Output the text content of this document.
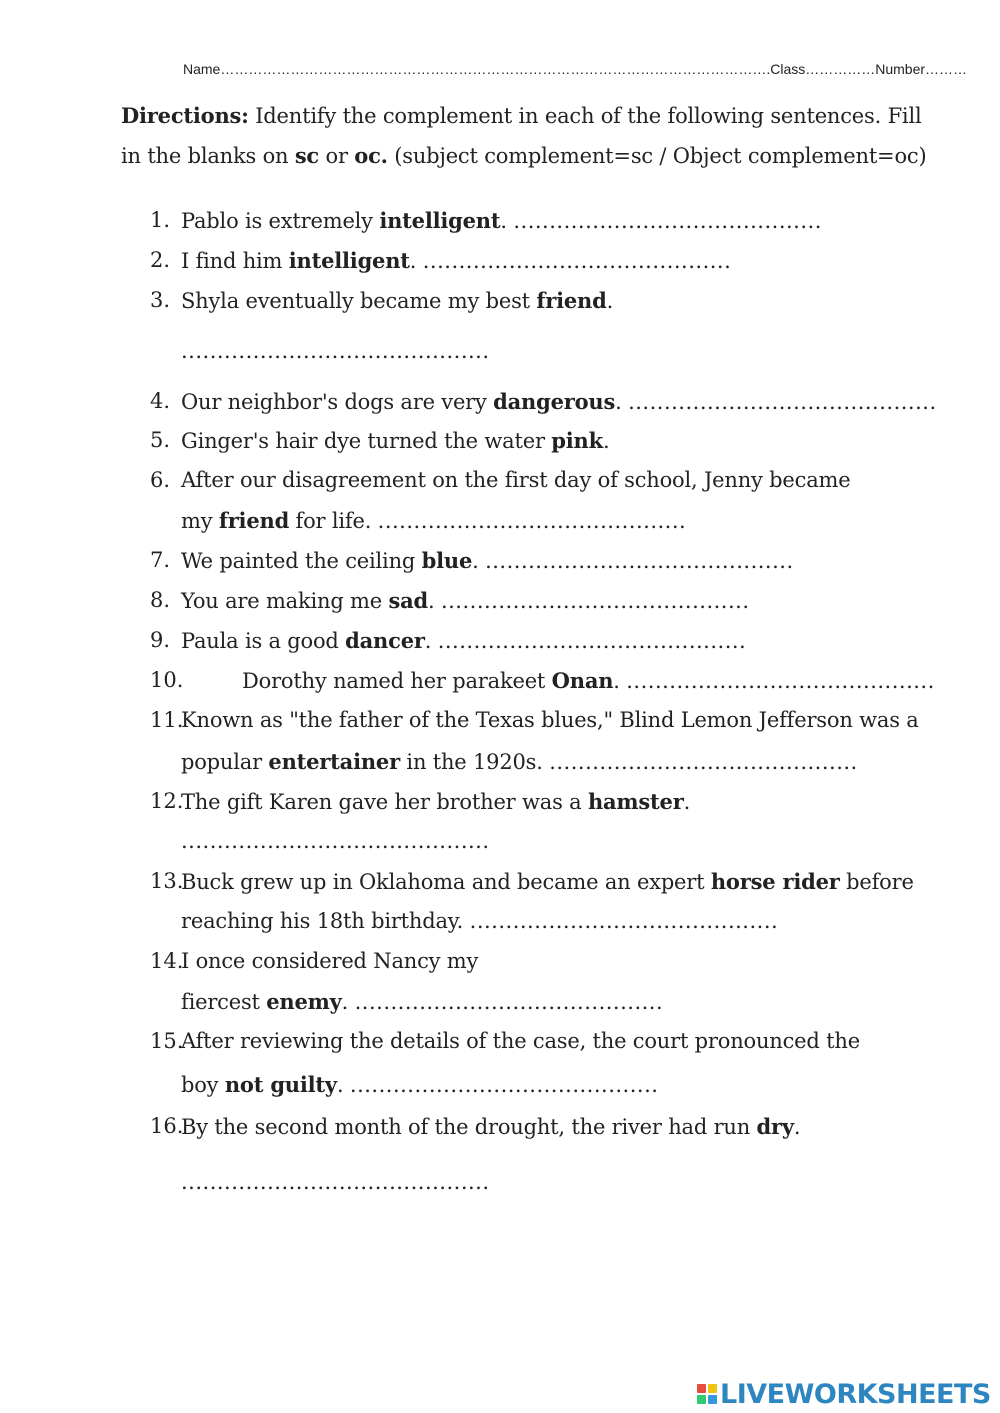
Name……………………………………………………………………………………………………….Class……………Number………
Directions: Identify the complement in each of the following sentences. Fill
in the blanks on sc or oc. (subject complement=sc / Object complement=oc)
1. Pablo is extremely intelligent. ...........................................
2. I find him intelligent. ...........................................
3. Shyla eventually became my best friend.
...........................................
4. Our neighbor's dogs are very dangerous. ...........................................
5. Ginger's hair dye turned the water pink.
6. After our disagreement on the first day of school, Jenny became
my friend for life. ...........................................
7. We painted the ceiling blue. ...........................................
8. You are making me sad. ...........................................
9. Paula is a good dancer. ...........................................
10.	Dorothy named her parakeet Onan. ...........................................
11.
Known as "the father of the Texas blues," Blind Lemon Jefferson was a
popular entertainer in the 1920s. ...........................................
12.
The gift Karen gave her brother was a hamster.
...........................................
13.
Buck grew up in Oklahoma and became an expert horse rider before
reaching his 18th birthday. ...........................................
14.
I once considered Nancy my
fiercest enemy. ...........................................
15.
After reviewing the details of the case, the court pronounced the
boy not guilty. ...........................................
16.
By the second month of the drought, the river had run dry.
...........................................
LIVEWORKSHEETS
